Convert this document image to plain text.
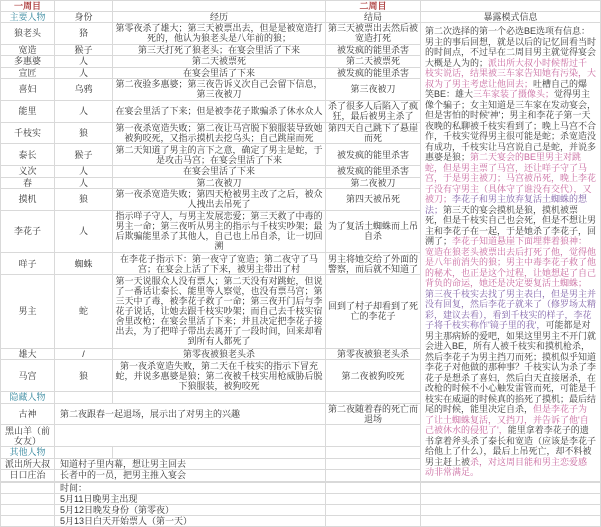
一周目			二周目	
主要人物	身份	经历	结局	暴露模式信息
狼老头	狢	第零夜杀了雄大；第三天被票出去，但是是被宽造打死的，他认为狼老头是八年前的狼；	第三天被票出去然后被宽造打死	第二次选择的第一个必选BE选项有信息：男主的事后回想，就是以后的记忆回看当时的时间点，不过早在二周目男主就觉得宴会大概是人为的；派出所大叔小时候帮过千枝实说话，结果被三车家告知她有污染，大叔为了男主考虑让他回去；吐槽自己的爆笑BE：雄大三车家装了摄像头；觉得男主像个骗子；女主知道是三车家在发动宴会，但是害怕的时候'神'；男主和李花子第一天夜晚的私聊被千枝实看到了；晚上马宫不合作，千枝实觉得男主很可能是蛇；杀宽造没有成功，千枝实让马宫说自己是蛇，并说多惠婆是狼；第二天宴会的BE里男主对跳蛇，但是男主票了马宫，还让咩子守了马宫，于是男主被刀；马宫被吊死，晚上李花子没有守男主（具体守了谁没有交代），又被刀；李花子和男主放弃复活土蜘蛛的想法；第三天的宴会摸机是狼，摸机被票死，但是千枝实自己也会死，但是不想让男主和李花子在一起，于是她杀了李花子，回溯了；李花子知道悬崖下面埋葬着狼神：宽造在狼老头被票出去后打死了他，觉得他是八年前消失的狼；男主中毒李花子救了他的秘术，也正是这个过程，让她想起了自己背负的命运，她还是决定要复活土蜘蛛；第三夜千枝实去找了男主表白，但是男主并没有回复，然后李花子就来了（修罗场太精彩，建议去看），看到千枝实的样子，李花子将千枝实称作'镜子里的我'，可能都是对男主那病娇的爱吧，如果这里男主不开门就会进入BE，所有人被千枝实和摸机枪杀，然后李花子为男主挡刀而死；摸机似乎知道李花子对他做的那种事？千枝实认为杀了李花子是想杀了喜妇，然后白天直接屠杀，在改枪的时候不小心触发雷管而死，可能是千枝实在威逼的时候真的掐死了摸机；最后结尾的时候，能里决定自杀，但是李花子为了让土蜘蛛复活，又挡刀，并告诉了他'自己被休水的侵犯了'，能里拿着李花子的遗书拿着斧头杀了泰长和宽造（应该是李花子给他上了什么），最后上吊死亡，却不料被男主赶上被杀，对这周目能和男主恋爱感动非常满足。
宽造	猴子	第三天打死了狼老头；在宴会里活了下来	被发疯的能里杀害	
多惠婆	人	第二天被票死	第二天被票死	
宣匠	人	在宴会里活了下来	被发疯的能里杀害	
喜妇	乌鸦	第二夜验多惠婆；第三夜告诉义次自己会留下信息，第三夜被刀	第三夜被刀	
能里	人	在宴会里活了下来；但是被李花子欺骗杀了休水众人	杀了很多人后陷入了疯狂，最后被男主杀了	
千枝实	狼	第一夜杀宽造失败；第二夜让马宫脱下狼服装导致她被狗咬死，又指示摸机去挖乌头；自己跳崖而死	第四天自己跳下了悬崖而死	
泰长	猴子	第二天知道了男主的言下之意，确定了男主是蛇，于是攻击马宫；在宴会里活了下来	被发疯的能里杀害	
义次	人	在宴会里活了下来	被发疯的能里杀害	
春	人	第二夜被刀	第二夜被刀	
摸机	狼	第一夜杀宽造失败；第四天枪被男主改了之后，被众人拽出去吊死了	第四天被吊死	
李花子	人	指示咩子守人，与男主发展恋爱；第三天救了中毒的男主一命；第三夜听从男主的指示与千枝实吵架；最后欺骗能里杀了其他人，自己也上吊自杀，让一切回溯	为了复活土蜘蛛而上吊自杀	
咩子	蜘蛛	在李花子指示下：第一夜守了宽造；第二夜守了马宫；在宴会上活了下来，被男主带出了村	男主将她交给了外面的警察，而后就不知道了	
男主	蛇	第一天说服众人没有票人；第二天没有对跳蛇，但说了一番话让泰长、能里等人察觉，也没有票马宫；第三天中了毒，被李花子救了一命；第三夜开门后与李花子说话，让她去跟千枝实吵架；而自己去千枝实宿舍里改枪；在宴会里活了下来；并且决定把李花子接出去，为了把咩子带出去离开了一段时间，回来却看到所有人都死了	回到了村子却看到了死亡的李花子	
雄大	/	第零夜被狼老头杀	第零夜被狼老头杀	
马宫	狼	第一夜杀宽造失败，第二天在千枝实的指示下冒充蛇，并说多惠婆是狼；第二夜被千枝实用枪威胁后脱下狼服装，被狗咬死	第二夜被狗咬死	
隐藏人物				
古神	第二夜跟春一起退场，展示出了对男主的兴趣		第二夜随着春的死亡而退场	
黑山羊（前女友）				
其他人物				
派出所大叔	知道村子里内幕，想让男主回去			
日口庄治	长者中的一员，把男主推入宴会			

	时间：			
	5月11日晚男主出现			
	5月12日晚发身份（第零夜）			
	5月13日白天开始票人（第一天）			
